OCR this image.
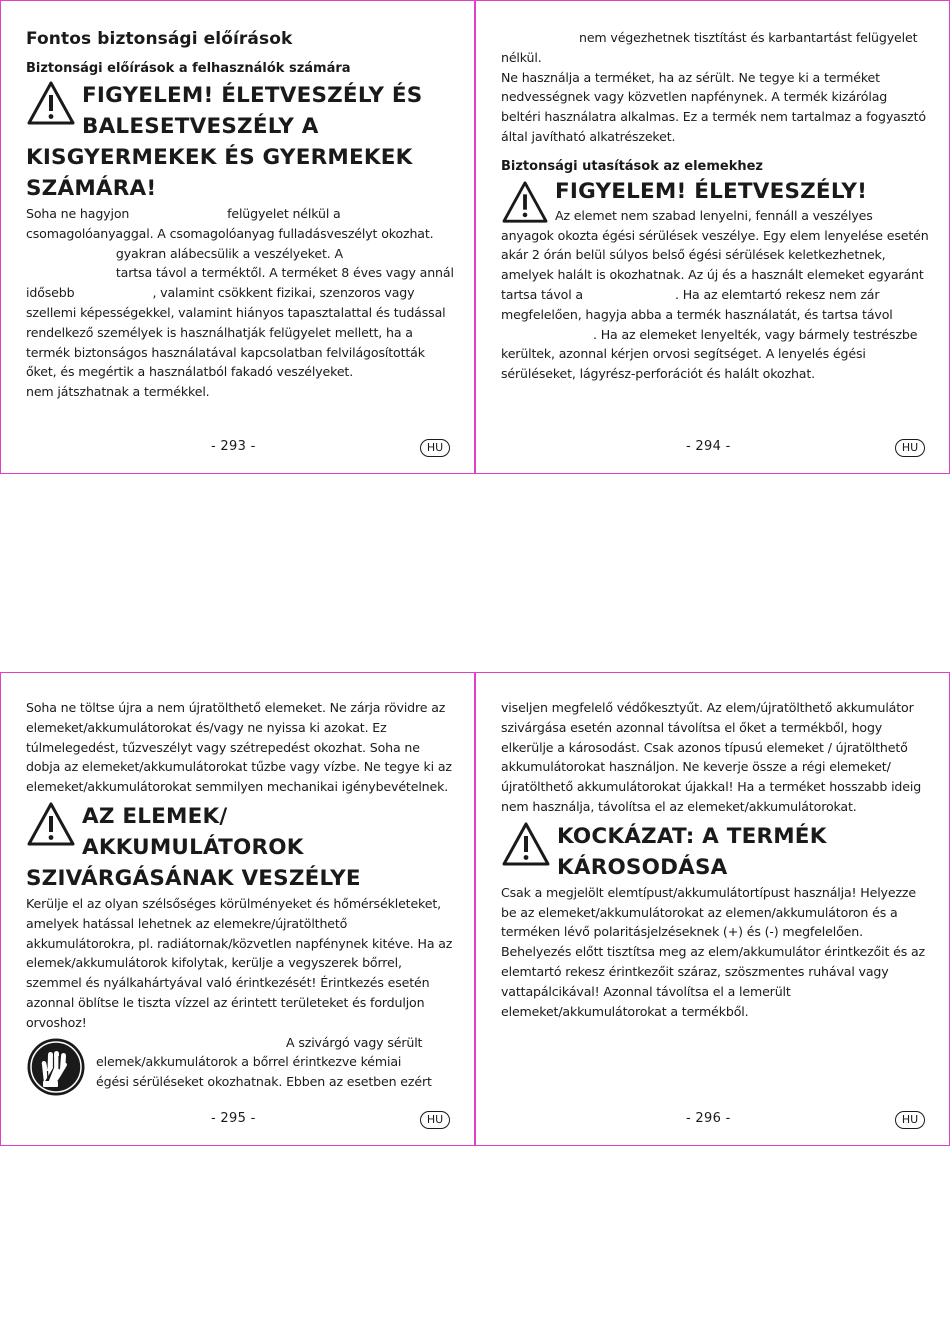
Fontos biztonsági előírások
Biztonsági előírások a felhasználók számára
FIGYELEM! ÉLETVESZÉLY ÉS
BALESETVESZÉLY A
KISGYERMEKEK ÉS GYERMEKEK
SZÁMÁRA!

Soha ne hagyjon	felügyelet nélkül a csomagolóanyaggal. A csomagolóanyag fulladásveszélyt okozhat. gyakran alábecsülik a veszélyeket. A
tartsa távol a terméktől. A terméket 8 éves vagy annál idősebb	, valamint csökkent fizikai, szenzoros vagy szellemi képességekkel, valamint hiányos tapasztalattal és tudással rendelkező személyek is használhatják felügyelet mellett, ha a termék biztonságos használatával kapcsolatban felvilágosították őket, és megértik a használatból fakadó veszélyeket. nem játszhatnak a termékkel.

- 293 -	HU

nem végezhetnek tisztítást és karbantartást felügyelet nélkül.

Ne használja a terméket, ha az sérült. Ne tegye ki a terméket nedvességnek vagy közvetlen napfénynek. A termék kizárólag beltéri használatra alkalmas. Ez a termék nem tartalmaz a fogyasztó által javítható alkatrészeket.

Biztonsági utasítások az elemekhez
FIGYELEM! ÉLETVESZÉLY!

Az elemet nem szabad lenyelni, fennáll a veszélyes anyagok okozta égési sérülések veszélye. Egy elem lenyelése esetén akár 2 órán belül súlyos belső égési sérülések keletkezhetnek, amelyek halált is okozhatnak. Az új és a használt elemeket egyaránt tartsa távol a	. Ha az elemtartó rekesz nem zár megfelelően, hagyja abba a termék használatát, és tartsa távol. Ha az elemeket lenyelték, vagy bármely testrészbe kerültek, azonnal kérjen orvosi segítséget. A lenyelés égési sérüléseket, lágyrész-perforációt és halált okozhat.

- 294 -	HU

Soha ne töltse újra a nem újratölthető elemeket. Ne zárja rövidre az elemeket/akkumulátorokat és/vagy ne nyissa ki azokat. Ez túlmelegedést, tűzveszélyt vagy szétrepedést okozhat. Soha ne dobja az elemeket/akkumulátorokat tűzbe vagy vízbe. Ne tegye ki az elemeket/akkumulátorokat semmilyen mechanikai igénybevételnek.

AZ ELEMEK/
AKKUMULÁTOROK
SZIVÁRGÁSÁNAK VESZÉLYE

Kerülje el az olyan szélsőséges körülményeket és hőmérsékleteket, amelyek hatással lehetnek az elemekre/újratölthető akkumulátorokra, pl. radiátornak/közvetlen napfénynek kitéve. Ha az elemek/akkumulátorok kifolytak, kerülje a vegyszerek bőrrel, szemmel és nyálkahártyával való érintkezését! Érintkezés esetén azonnal öblítse le tiszta vízzel az érintett területeket és forduljon orvoshoz!

A szivárgó vagy sérült
elemek/akkumulátorok a bőrrel érintkezve kémiai
égési sérüléseket okozhatnak. Ebben az esetben ezért
- 295 -	HU

viseljen megfelelő védőkesztyűt. Az elem/újratölthető akkumulátor szivárgása esetén azonnal távolítsa el őket a termékből, hogy elkerülje a károsodást. Csak azonos típusú elemeket / újratölthető akkumulátorokat használjon. Ne keverje össze a régi elemeket/újratölthető akkumulátorokat újakkal! Ha a terméket hosszabb ideig nem használja, távolítsa el az elemeket/akkumulátorokat.

KOCKÁZAT: A TERMÉK
KÁROSODÁSA

Csak a megjelölt elemtípust/akkumulátortípust használja! Helyezze be az elemeket/akkumulátorokat az elemen/akkumulátoron és a terméken lévő polaritásjelzéseknek (+) és (-) megfelelően. Behelyezés előtt tisztítsa meg az elem/akkumulátor érintkezőit és az elemtartó rekesz érintkezőit száraz, szöszmentes ruhával vagy vattapálcikával! Azonnal távolítsa el a lemerült elemeket/akkumulátorokat a termékből.

- 296 -	HU
